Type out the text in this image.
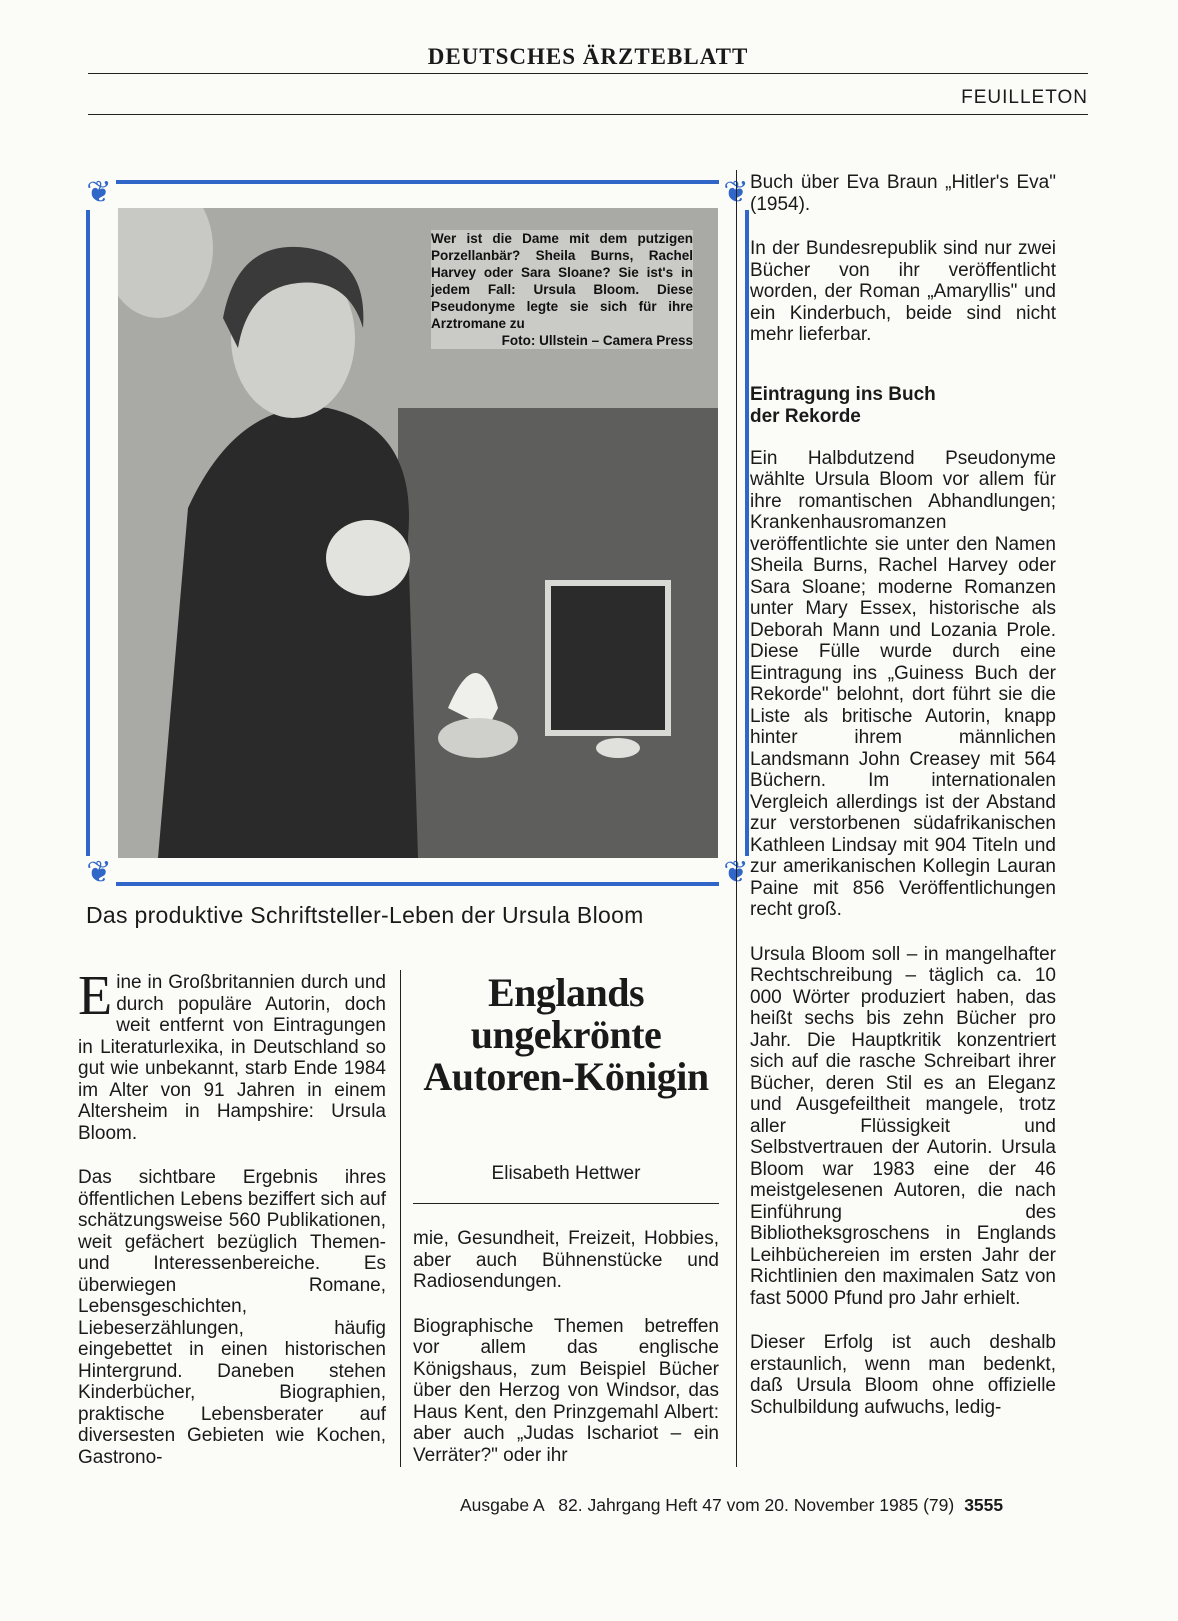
DEUTSCHES ÄRZTEBLATT
FEUILLETON
❦	❦
❦	❦
Wer ist die Dame mit dem putzigen Porzellanbär? Sheila Burns, Rachel Harvey oder Sara Sloane? Sie ist's in jedem Fall: Ursula Bloom. Diese Pseudonyme legte sie sich für ihre Arztromane zu
Foto: Ullstein – Camera Press
Das produktive Schriftsteller-Leben der Ursula Bloom

Eine in Großbritannien durch und durch populäre Autorin, doch weit entfernt von Eintragungen in Literaturlexika, in Deutschland so gut wie unbekannt, starb Ende 1984 im Alter von 91 Jahren in einem Altersheim in Hampshire: Ursula Bloom.

Das sichtbare Ergebnis ihres öffentlichen Lebens beziffert sich auf schätzungsweise 560 Publikationen, weit gefächert bezüglich Themen- und Interessenbereiche. Es überwiegen Romane, Lebensgeschichten, Liebeserzählungen, häufig eingebettet in einen historischen Hintergrund. Daneben stehen Kinderbücher, Biographien, praktische Lebensberater auf diversesten Gebieten wie Kochen, Gastrono-

Englands ungekrönte Autoren-Königin
Elisabeth Hettwer

mie, Gesundheit, Freizeit, Hobbies, aber auch Bühnenstücke und Radiosendungen.

Biographische Themen betreffen vor allem das englische Königshaus, zum Beispiel Bücher über den Herzog von Windsor, das Haus Kent, den Prinzgemahl Albert: aber auch „Judas Ischariot – ein Verräter?" oder ihr

Buch über Eva Braun „Hitler's Eva" (1954).

In der Bundesrepublik sind nur zwei Bücher von ihr veröffentlicht worden, der Roman „Amaryllis" und ein Kinderbuch, beide sind nicht mehr lieferbar.

Eintragung ins Buch der Rekorde

Ein Halbdutzend Pseudonyme wählte Ursula Bloom vor allem für ihre romantischen Abhandlungen; Krankenhausromanzen veröffentlichte sie unter den Namen Sheila Burns, Rachel Harvey oder Sara Sloane; moderne Romanzen unter Mary Essex, historische als Deborah Mann und Lozania Prole. Diese Fülle wurde durch eine Eintragung ins „Guiness Buch der Rekorde" belohnt, dort führt sie die Liste als britische Autorin, knapp hinter ihrem männlichen Landsmann John Creasey mit 564 Büchern. Im internationalen Vergleich allerdings ist der Abstand zur verstorbenen südafrikanischen Kathleen Lindsay mit 904 Titeln und zur amerikanischen Kollegin Lauran Paine mit 856 Veröffentlichungen recht groß.

Ursula Bloom soll – in mangelhafter Rechtschreibung – täglich ca. 10 000 Wörter produziert haben, das heißt sechs bis zehn Bücher pro Jahr. Die Hauptkritik konzentriert sich auf die rasche Schreibart ihrer Bücher, deren Stil es an Eleganz und Ausgefeiltheit mangele, trotz aller Flüssigkeit und Selbstvertrauen der Autorin. Ursula Bloom war 1983 eine der 46 meistgelesenen Autoren, die nach Einführung des Bibliotheksgroschens in Englands Leihbüchereien im ersten Jahr der Richtlinien den maximalen Satz von fast 5000 Pfund pro Jahr erhielt.

Dieser Erfolg ist auch deshalb erstaunlich, wenn man bedenkt, daß Ursula Bloom ohne offizielle Schulbildung aufwuchs, ledig-

Ausgabe A   82. Jahrgang Heft 47 vom 20. November 1985 (79) 3555
